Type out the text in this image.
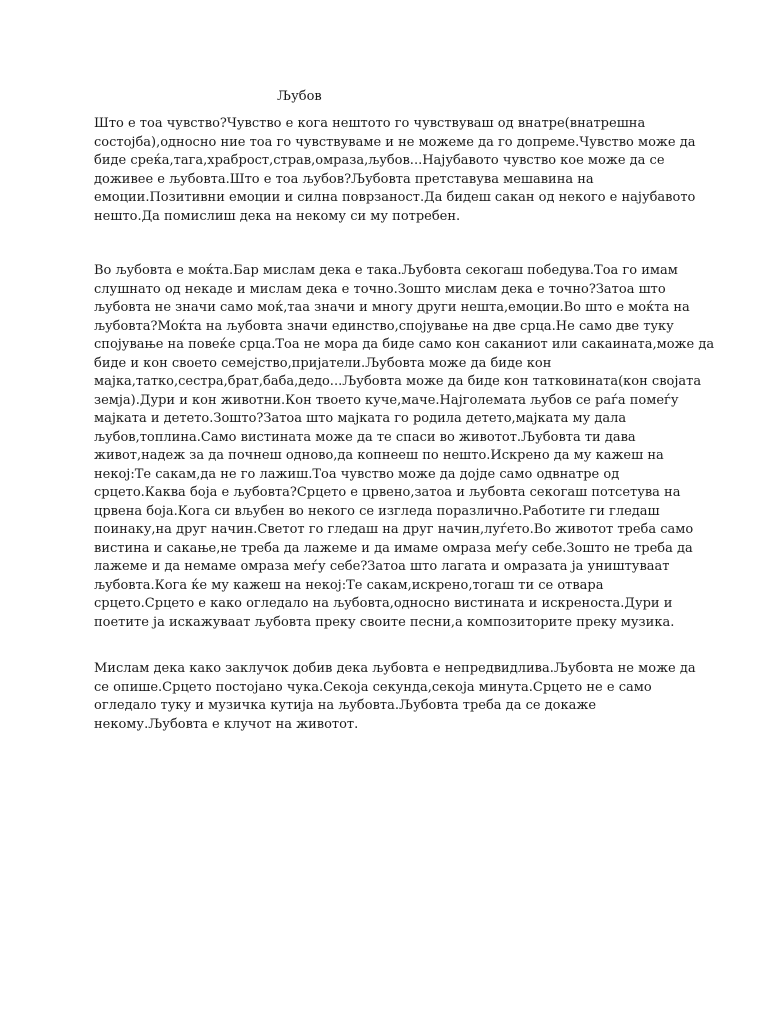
Љубов
Што е тоа чувство?Чувство е кога нештото го чувствуваш од внатре(внатрешна
состојба),односно ние тоа го чувствуваме и не можеме да го допреме.Чувство може да
биде среќа,тага,храброст,страв,омраза,љубов...Најубавото чувство кое може да се
доживее е љубовта.Што е тоа љубов?Љубовта претставува мешавина на
емоции.Позитивни емоции и силна поврзаност.Да бидеш сакан од некого е најубавото
нешто.Да помислиш дека на некому си му потребен.
Во љубовта е моќта.Бар мислам дека е така.Љубовта секогаш победува.Тоа го имам
слушнато од некаде и мислам дека е точно.Зошто мислам дека е точно?Затоа што
љубовта не значи само моќ,таа значи и многу други нешта,емоции.Во што е моќта на
љубовта?Моќта на љубовта значи единство,спојување на две срца.Не само две туку
спојување на повеќе срца.Тоа не мора да биде само кон саканиот или сакаината,може да
биде и кон своето семејство,пријатели.Љубовта може да биде кон
мајка,татко,сестра,брат,баба,дедо...Љубовта може да биде кон татковината(кон својата
земја).Дури и кон животни.Кон твоето куче,маче.Најголемата љубов се раѓа помеѓу
мајката и детето.Зошто?Затоа што мајката го родила детето,мајката му дала
љубов,топлина.Само вистината може да те спаси во животот.Љубовта ти дава
живот,надеж за да почнеш одново,да копнееш по нешто.Искрено да му кажеш на
некој:Те сакам,да не го лажиш.Тоа чувство може да дојде само одвнатре од
срцето.Каква боја е љубовта?Срцето е црвено,затоа и љубовта секогаш потсетува на
црвена боја.Кога си вљубен во некого се изгледа поразлично.Работите ги гледаш
поинаку,на друг начин.Светот го гледаш на друг начин,луѓето.Во животот треба само
вистина и сакање,не треба да лажеме и да имаме омраза меѓу себе.Зошто не треба да
лажеме и да немаме омраза меѓу себе?Затоа што лагата и омразата ја уништуваат
љубовта.Кога ќе му кажеш на некој:Те сакам,искрено,тогаш ти се отвара
срцето.Срцето е како огледало на љубовта,односно вистината и искреноста.Дури и
поетите ја искажуваат љубовта преку своите песни,а композиторите преку музика.
Мислам дека како заклучок добив дека љубовта е непредвидлива.Љубовта не може да
се опише.Срцето постојано чука.Секоја секунда,секоја минута.Срцето не е само
огледало туку и музичка кутија на љубовта.Љубовта треба да се докаже
некому.Љубовта е клучот на животот.
